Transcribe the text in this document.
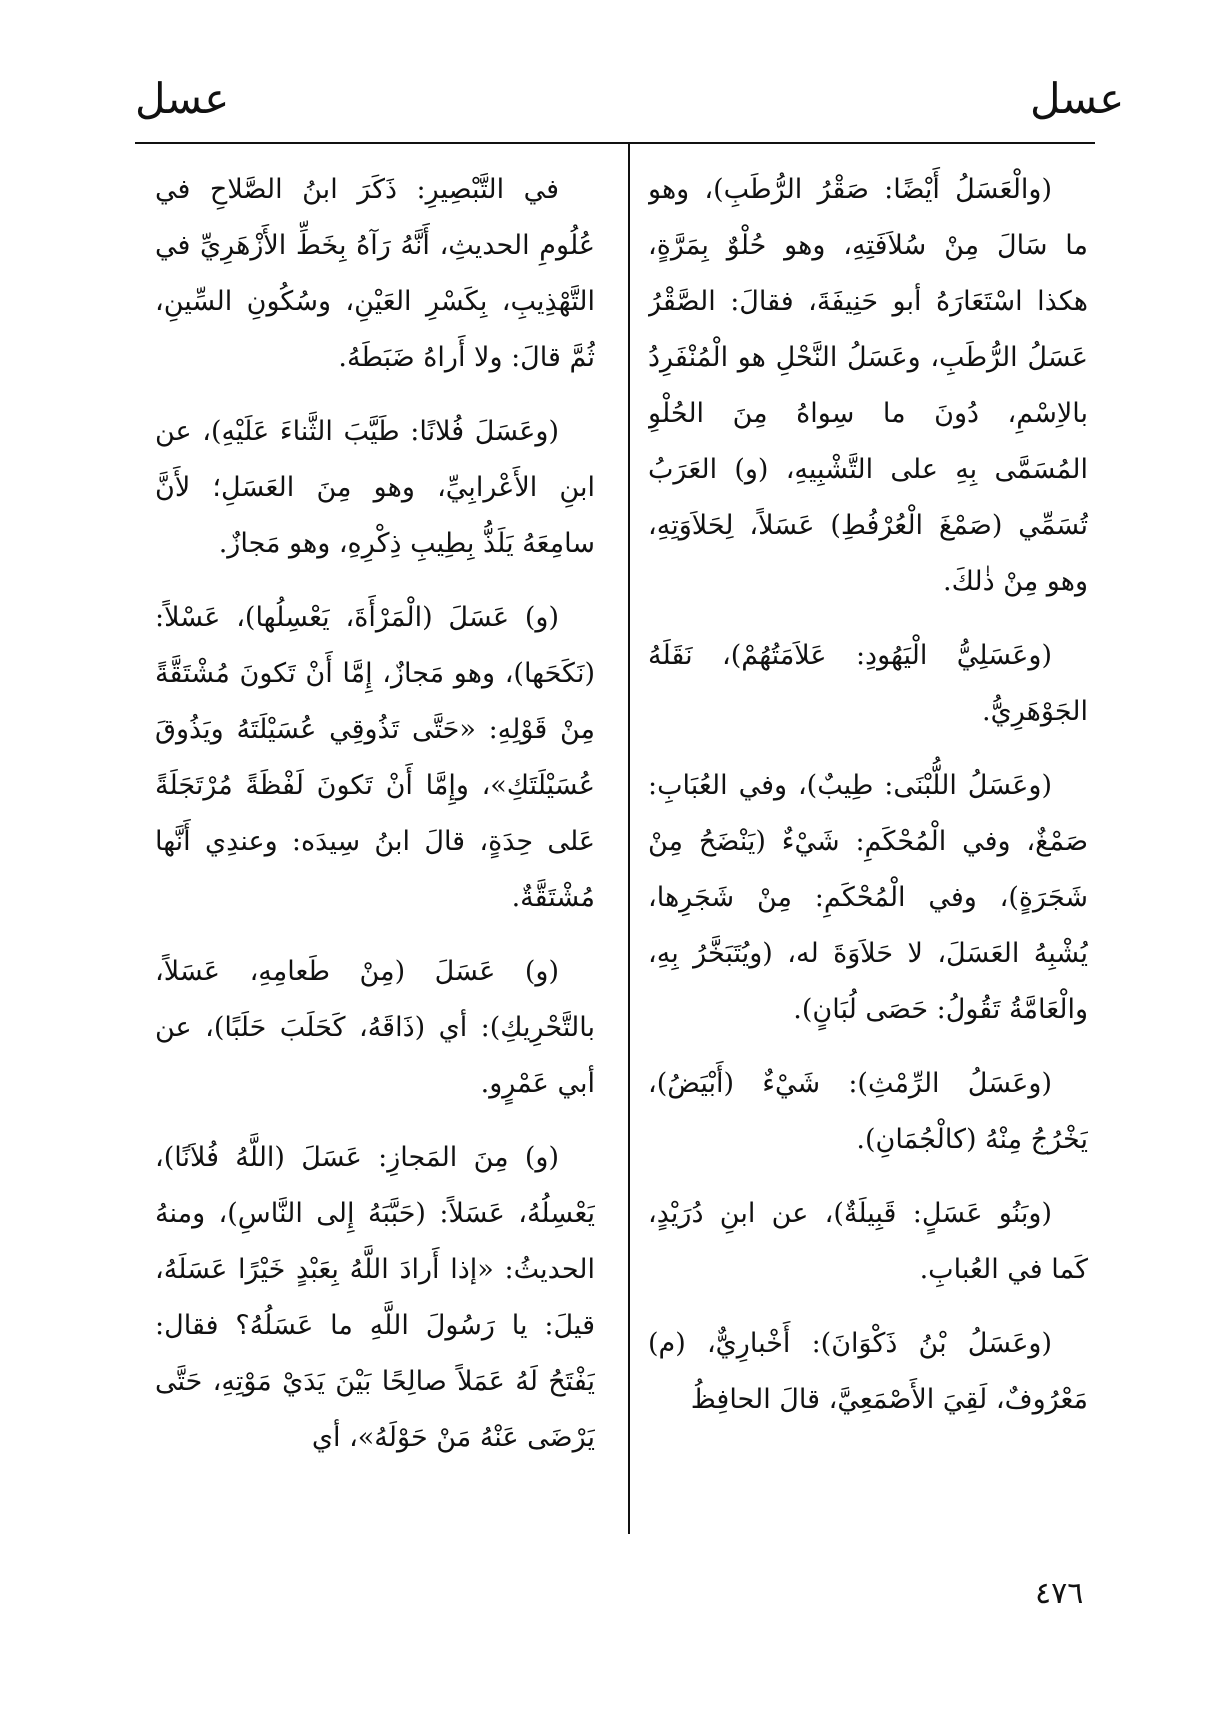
عسل
عسل

(والْعَسَلُ أَيْضًا: صَقْرُ الرُّطَبِ)، وهو ما سَالَ مِنْ سُلاَفَتِهِ، وهو حُلْوٌ بِمَرَّةٍ، هكذا اسْتَعَارَهُ أبو حَنِيفَةَ، فقالَ: الصَّقْرُ عَسَلُ الرُّطَبِ، وعَسَلُ النَّحْلِ هو الْمُنْفَرِدُ بالاِسْمِ، دُونَ ما سِواهُ مِنَ الحُلْوِ المُسَمَّى بِهِ على التَّشْبِيهِ، (و) العَرَبُ تُسَمِّي (صَمْغَ الْعُرْفُطِ) عَسَلاً، لِحَلاَوَتِهِ، وهو مِنْ ذٰلكَ.

(وعَسَلِيُّ الْيَهُودِ: عَلاَمَتُهُمْ)، نَقَلَهُ الجَوْهَرِيُّ.

(وعَسَلُ اللُّبْنَى: طِيبٌ)، وفي العُبَابِ: صَمْغٌ، وفي الْمُحْكَمِ: شَيْءٌ (يَنْضَحُ مِنْ شَجَرَةٍ)، وفي الْمُحْكَمِ: مِنْ شَجَرِها، يُشْبِهُ العَسَلَ، لا حَلاَوَةَ له، (ويُتَبَخَّرُ بِهِ، والْعَامَّةُ تَقُولُ: حَصَى لُبَانٍ).

(وعَسَلُ الرِّمْثِ): شَيْءٌ (أَبْيَضُ)، يَخْرُجُ مِنْهُ (كالْجُمَانِ).

(وبَنُو عَسَلٍ: قَبِيلَةٌ)، عن ابنِ دُرَيْدٍ، كَما في العُبابِ.

(وعَسَلُ بْنُ ذَكْوَانَ): أَخْبارِيٌّ، (م) مَعْرُوفٌ، لَقِيَ الأَصْمَعِيَّ، قالَ الحافِظُ

في التَّبْصِيرِ: ذَكَرَ ابنُ الصَّلاحِ في عُلُومِ الحديثِ، أَنَّهُ رَآهُ بِخَطِّ الأَزْهَرِيِّ في التَّهْذِيبِ، بِكَسْرِ العَيْنِ، وسُكُونِ السِّينِ، ثُمَّ قالَ: ولا أَراهُ ضَبَطَهُ.

(وعَسَلَ فُلانًا: طَيَّبَ الثَّناءَ عَلَيْهِ)، عن ابنِ الأَعْرابِيِّ، وهو مِنَ العَسَلِ؛ لأَنَّ سامِعَهُ يَلَذُّ بِطِيبِ ذِكْرِهِ، وهو مَجازٌ.

(و) عَسَلَ (الْمَرْأَةَ، يَعْسِلُها)، عَسْلاً: (نَكَحَها)، وهو مَجازٌ، إِمَّا أَنْ تَكونَ مُشْتَقَّةً مِنْ قَوْلِهِ: «حَتَّى تَذُوقِي عُسَيْلَتَهُ ويَذُوقَ عُسَيْلَتَكِ»، وإِمَّا أَنْ تَكونَ لَفْظَةً مُرْتَجَلَةً عَلى حِدَةٍ، قالَ ابنُ سِيدَه: وعندِي أَنَّها مُشْتَقَّةٌ.

(و) عَسَلَ (مِنْ طَعامِهِ، عَسَلاً، بالتَّحْرِيكِ): أي (ذَاقَهُ، كَحَلَبَ حَلَبًا)، عن أبي عَمْرٍو.

(و) مِنَ المَجازِ: عَسَلَ (اللَّهُ فُلاَنًا)، يَعْسِلُهُ، عَسَلاً: (حَبَّبَهُ إِلى النَّاسِ)، ومنهُ الحديثُ: «إذا أَرادَ اللَّهُ بِعَبْدٍ خَيْرًا عَسَلَهُ، قيلَ: يا رَسُولَ اللَّهِ ما عَسَلُهُ؟ فقال: يَفْتَحُ لَهُ عَمَلاً صالِحًا بَيْنَ يَدَيْ مَوْتِهِ، حَتَّى يَرْضَى عَنْهُ مَنْ حَوْلَهُ»، أي

٤٧٦
